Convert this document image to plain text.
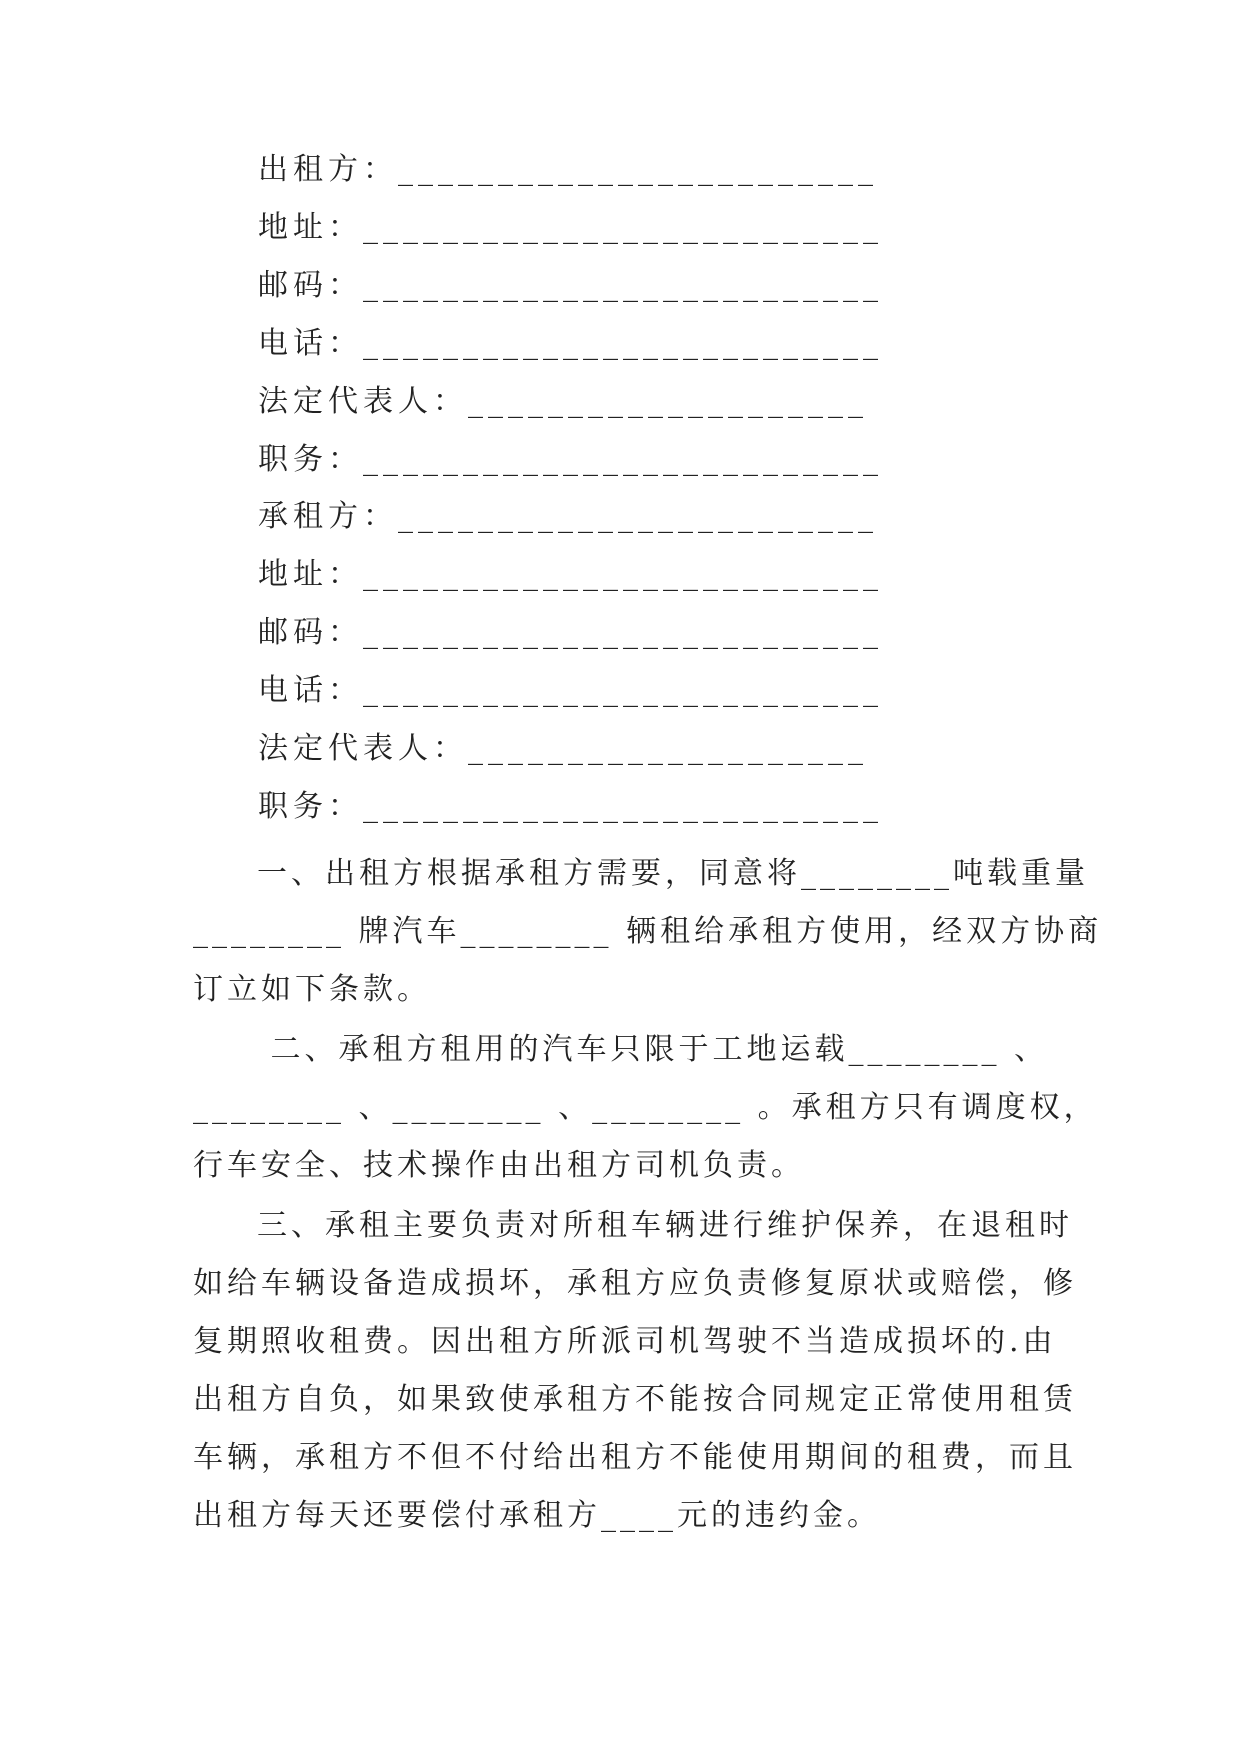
出租方：________________________
地址：__________________________
邮码：__________________________
电话：__________________________
法定代表人：____________________
职务：__________________________
承租方：________________________
地址：__________________________
邮码：__________________________
电话：__________________________
法定代表人：____________________
职务：__________________________
一、出租方根据承租方需要，同意将________吨载重量
________ 牌汽车________ 辆租给承租方使用，经双方协商
订立如下条款。
二、承租方租用的汽车只限于工地运载________ 、
________ 、________ 、________ 。承租方只有调度权，
行车安全、技术操作由出租方司机负责。
三、承租主要负责对所租车辆进行维护保养，在退租时
如给车辆设备造成损坏，承租方应负责修复原状或赔偿，修
复期照收租费。因出租方所派司机驾驶不当造成损坏的.由
出租方自负，如果致使承租方不能按合同规定正常使用租赁
车辆，承租方不但不付给出租方不能使用期间的租费，而且
出租方每天还要偿付承租方____元的违约金。
